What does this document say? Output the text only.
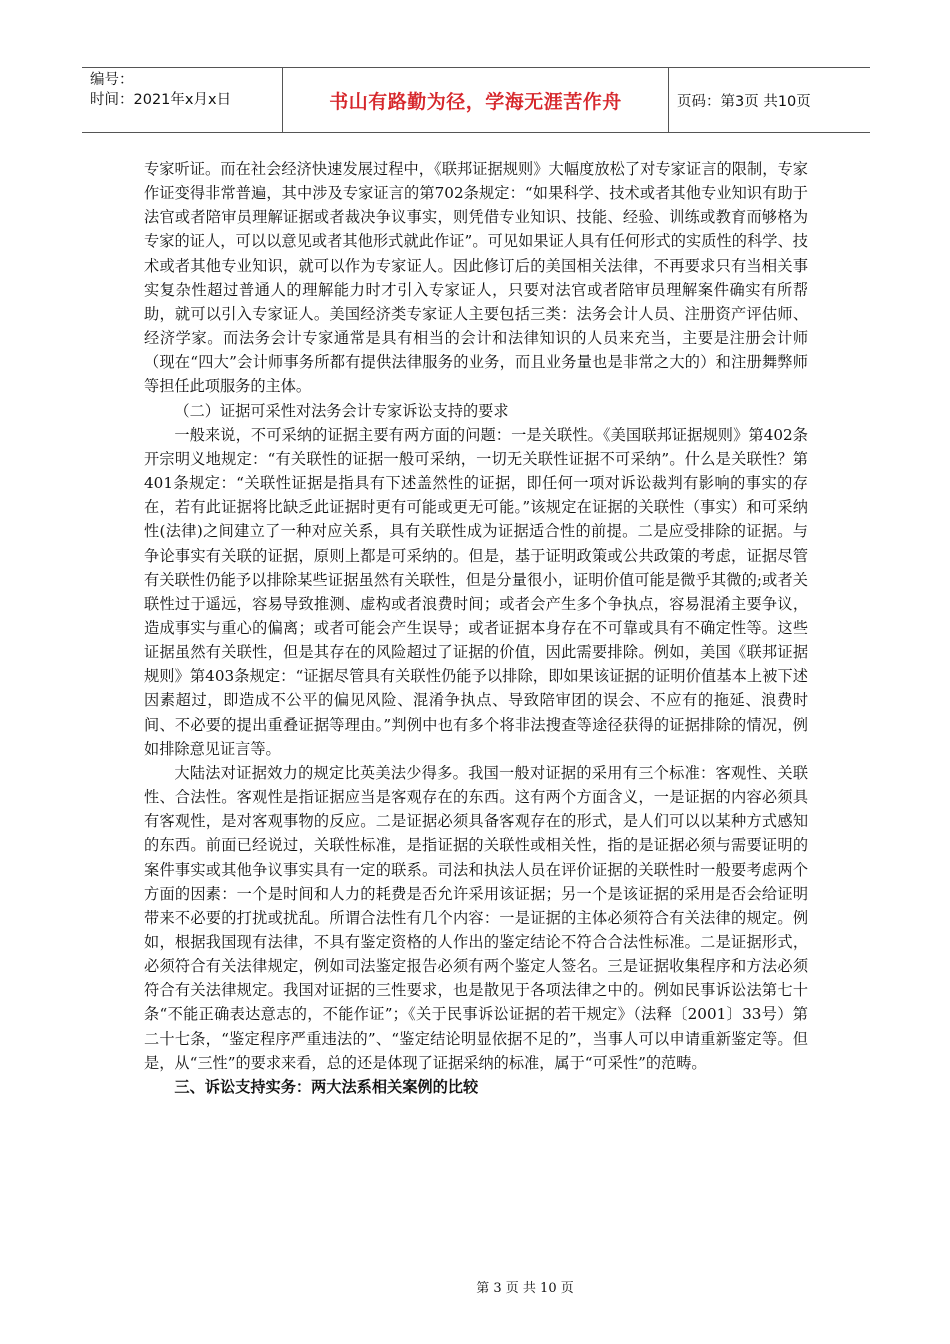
编号：
时间：2021年x月x日	书山有路勤为径，学海无涯苦作舟	页码：第3页 共10页

专家听证。而在社会经济快速发展过程中，《联邦证据规则》大幅度放松了对专家证言的限制，专家作证变得非常普遍，其中涉及专家证言的第702条规定：“如果科学、技术或者其他专业知识有助于法官或者陪审员理解证据或者裁决争议事实，则凭借专业知识、技能、经验、训练或教育而够格为专家的证人，可以以意见或者其他形式就此作证”。可见如果证人具有任何形式的实质性的科学、技术或者其他专业知识，就可以作为专家证人。因此修订后的美国相关法律，不再要求只有当相关事实复杂性超过普通人的理解能力时才引入专家证人，只要对法官或者陪审员理解案件确实有所帮助，就可以引入专家证人。美国经济类专家证人主要包括三类：法务会计人员、注册资产评估师、经济学家。而法务会计专家通常是具有相当的会计和法律知识的人员来充当，主要是注册会计师（现在“四大”会计师事务所都有提供法律服务的业务，而且业务量也是非常之大的）和注册舞弊师等担任此项服务的主体。

（二）证据可采性对法务会计专家诉讼支持的要求

一般来说，不可采纳的证据主要有两方面的问题：一是关联性。《美国联邦证据规则》第402条开宗明义地规定：“有关联性的证据一般可采纳，一切无关联性证据不可采纳”。什么是关联性？第401条规定：“关联性证据是指具有下述盖然性的证据，即任何一项对诉讼裁判有影响的事实的存在，若有此证据将比缺乏此证据时更有可能或更无可能。”该规定在证据的关联性（事实）和可采纳性(法律)之间建立了一种对应关系，具有关联性成为证据适合性的前提。二是应受排除的证据。与争论事实有关联的证据，原则上都是可采纳的。但是，基于证明政策或公共政策的考虑，证据尽管有关联性仍能予以排除某些证据虽然有关联性，但是分量很小，证明价值可能是微乎其微的;或者关联性过于遥远，容易导致推测、虚构或者浪费时间；或者会产生多个争执点，容易混淆主要争议，造成事实与重心的偏离；或者可能会产生误导；或者证据本身存在不可靠或具有不确定性等。这些证据虽然有关联性，但是其存在的风险超过了证据的价值，因此需要排除。例如，美国《联邦证据规则》第403条规定：“证据尽管具有关联性仍能予以排除，即如果该证据的证明价值基本上被下述因素超过，即造成不公平的偏见风险、混淆争执点、导致陪审团的误会、不应有的拖延、浪费时间、不必要的提出重叠证据等理由。”判例中也有多个将非法搜查等途径获得的证据排除的情况，例如排除意见证言等。

大陆法对证据效力的规定比英美法少得多。我国一般对证据的采用有三个标准：客观性、关联性、合法性。客观性是指证据应当是客观存在的东西。这有两个方面含义，一是证据的内容必须具有客观性，是对客观事物的反应。二是证据必须具备客观存在的形式，是人们可以以某种方式感知的东西。前面已经说过，关联性标准，是指证据的关联性或相关性，指的是证据必须与需要证明的案件事实或其他争议事实具有一定的联系。司法和执法人员在评价证据的关联性时一般要考虑两个方面的因素：一个是时间和人力的耗费是否允许采用该证据；另一个是该证据的采用是否会给证明带来不必要的打扰或扰乱。所谓合法性有几个内容：一是证据的主体必须符合有关法律的规定。例如，根据我国现有法律，不具有鉴定资格的人作出的鉴定结论不符合合法性标准。二是证据形式，必须符合有关法律规定，例如司法鉴定报告必须有两个鉴定人签名。三是证据收集程序和方法必须符合有关法律规定。我国对证据的三性要求，也是散见于各项法律之中的。例如民事诉讼法第七十条“不能正确表达意志的，不能作证”；《关于民事诉讼证据的若干规定》（法释〔2001〕33号）第二十七条，“鉴定程序严重违法的”、“鉴定结论明显依据不足的”，当事人可以申请重新鉴定等。但是，从“三性”的要求来看，总的还是体现了证据采纳的标准，属于“可采性”的范畴。

三、诉讼支持实务：两大法系相关案例的比较

第 3 页 共 10 页
